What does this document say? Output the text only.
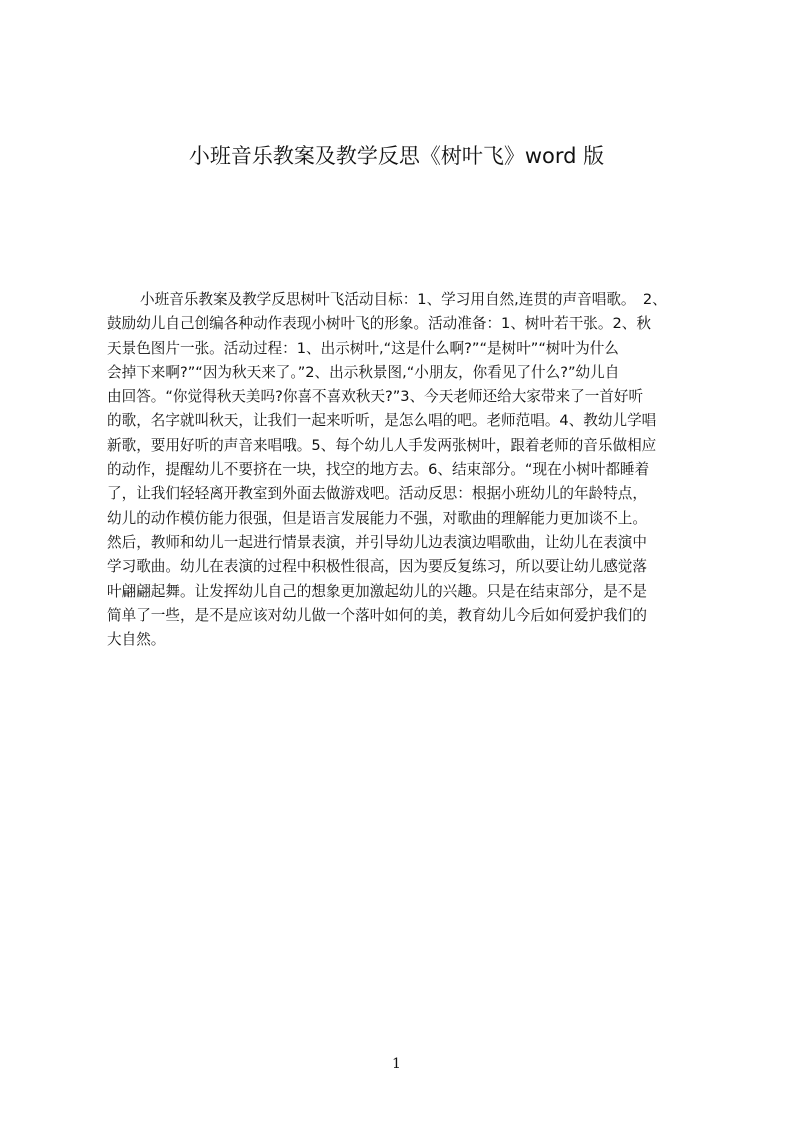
小班音乐教案及教学反思《树叶飞》word 版
小班音乐教案及教学反思树叶飞活动目标：1、学习用自然,连贯的声音唱歌。　2、
鼓励幼儿自己创编各种动作表现小树叶飞的形象。活动准备：1、树叶若干张。2、秋
天景色图片一张。活动过程：1、出示树叶,“这是什么啊?”“是树叶”“树叶为什么
会掉下来啊?”“因为秋天来了。”2、出示秋景图,“小朋友，你看见了什么?”幼儿自
由回答。“你觉得秋天美吗?你喜不喜欢秋天?”3、今天老师还给大家带来了一首好听
的歌，名字就叫秋天，让我们一起来听听，是怎么唱的吧。老师范唱。4、教幼儿学唱
新歌，要用好听的声音来唱哦。5、每个幼儿人手发两张树叶，跟着老师的音乐做相应
的动作，提醒幼儿不要挤在一块，找空的地方去。6、结束部分。“现在小树叶都睡着
了，让我们轻轻离开教室到外面去做游戏吧。活动反思：根据小班幼儿的年龄特点，
幼儿的动作模仿能力很强，但是语言发展能力不强，对歌曲的理解能力更加谈不上。
然后，教师和幼儿一起进行情景表演，并引导幼儿边表演边唱歌曲，让幼儿在表演中
学习歌曲。幼儿在表演的过程中积极性很高，因为要反复练习，所以要让幼儿感觉落
叶翩翩起舞。让发挥幼儿自己的想象更加激起幼儿的兴趣。只是在结束部分，是不是
简单了一些，是不是应该对幼儿做一个落叶如何的美，教育幼儿今后如何爱护我们的
大自然。
1
